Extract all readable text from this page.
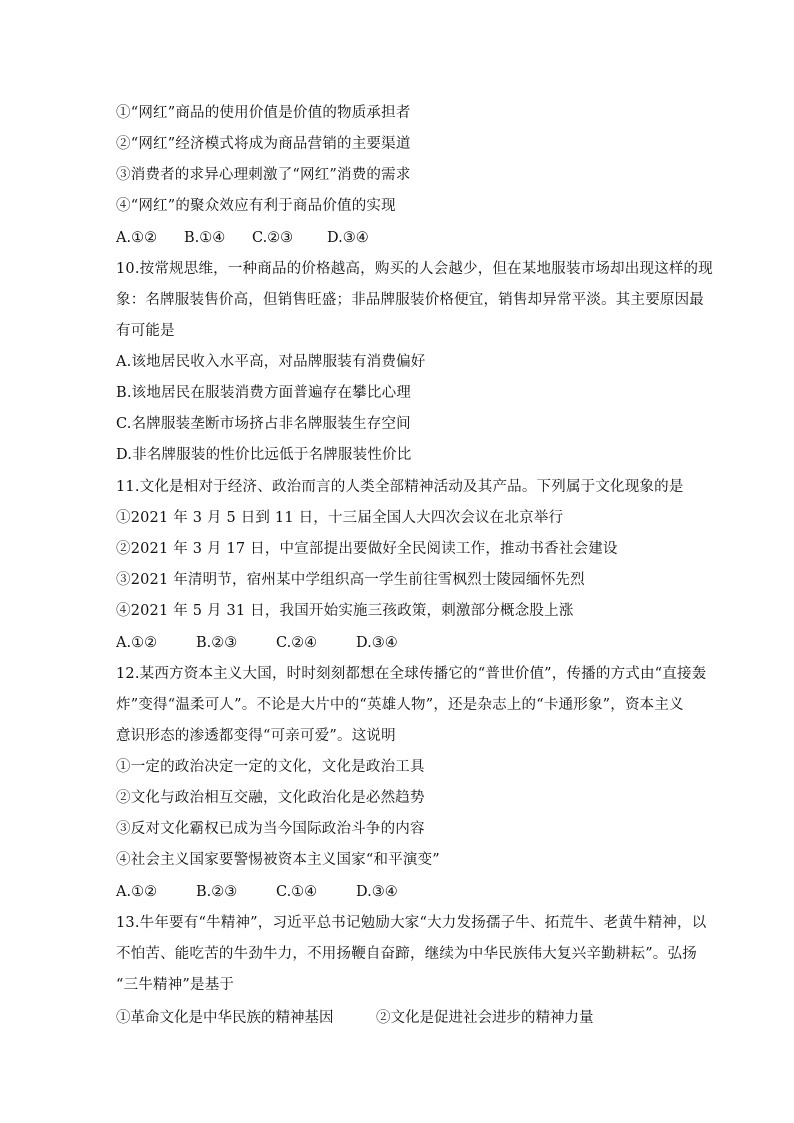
①“网红”商品的使用价值是价值的物质承担者
②“网红”经济模式将成为商品营销的主要渠道
③消费者的求异心理刺激了“网红”消费的需求
④“网红”的聚众效应有利于商品价值的实现
A.①② B.①④ C.②③ D.③④
10.按常规思维，一种商品的价格越高，购买的人会越少，但在某地服装市场却出现这样的现
象：名牌服装售价高，但销售旺盛；非品牌服装价格便宜，销售却异常平淡。其主要原因最
有可能是
A.该地居民收入水平高，对品牌服装有消费偏好
B.该地居民在服装消费方面普遍存在攀比心理
C.名牌服装垄断市场挤占非名牌服装生存空间
D.非名牌服装的性价比远低于名牌服装性价比
11.文化是相对于经济、政治而言的人类全部精神活动及其产品。下列属于文化现象的是
①2021 年 3 月 5 日到 11 日，十三届全国人大四次会议在北京举行
②2021 年 3 月 17 日，中宣部提出要做好全民阅读工作，推动书香社会建设
③2021 年清明节，宿州某中学组织高一学生前往雪枫烈士陵园缅怀先烈
④2021 年 5 月 31 日，我国开始实施三孩政策，刺激部分概念股上涨
A.①②	B.②③	C.②④	D.③④
12.某西方资本主义大国，时时刻刻都想在全球传播它的“普世价值”，传播的方式由“直接轰
炸”变得“温柔可人”。不论是大片中的“英雄人物”，还是杂志上的“卡通形象”，资本主义
意识形态的渗透都变得“可亲可爱”。这说明
①一定的政治决定一定的文化，文化是政治工具
②文化与政治相互交融，文化政治化是必然趋势
③反对文化霸权已成为当今国际政治斗争的内容
④社会主义国家要警惕被资本主义国家“和平演变”
A.①②	B.②③	C.①④	D.③④
13.牛年要有“牛精神”，习近平总书记勉励大家“大力发扬孺子牛、拓荒牛、老黄牛精神，以
不怕苦、能吃苦的牛劲牛力，不用扬鞭自奋蹄，继续为中华民族伟大复兴辛勤耕耘”。弘扬
“三牛精神”是基于
①革命文化是中华民族的精神基因	②文化是促进社会进步的精神力量
